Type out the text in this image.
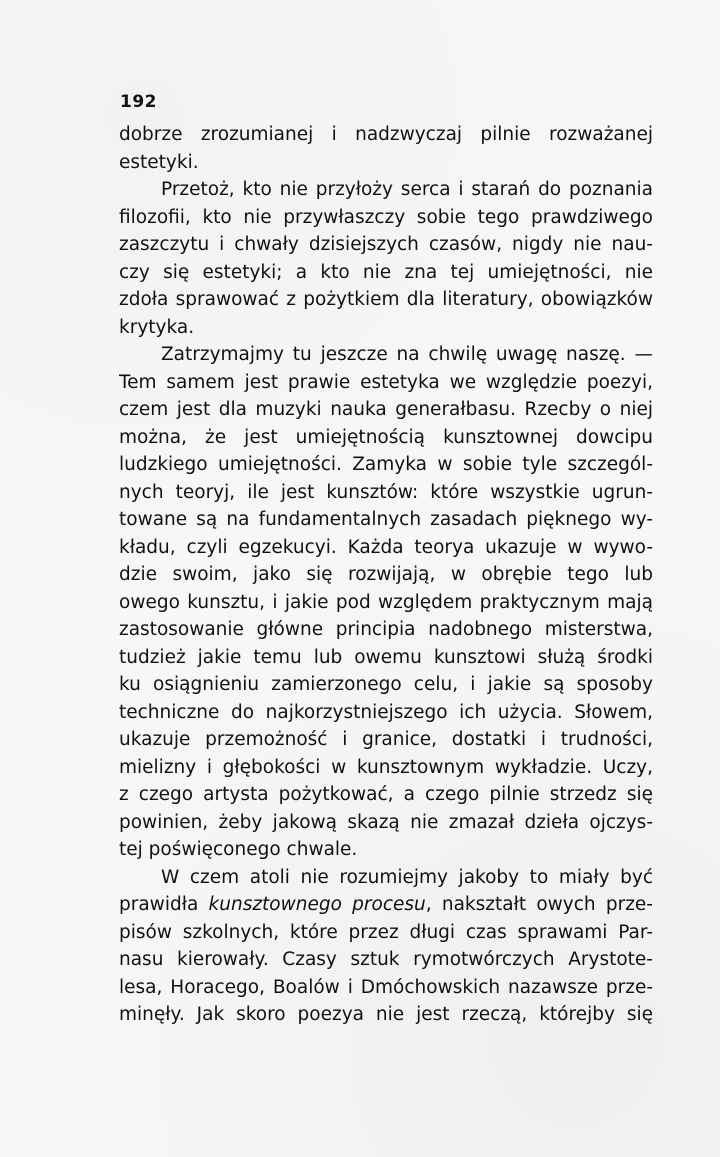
192
dobrze zrozumianej i nadzwyczaj pilnie rozważanej
estetyki.
Przetoż, kto nie przyłoży serca i starań do poznania
filozofii, kto nie przywłaszczy sobie tego prawdziwego
zaszczytu i chwały dzisiejszych czasów, nigdy nie nau-
czy się estetyki; a kto nie zna tej umiejętności, nie
zdoła sprawować z pożytkiem dla literatury, obowiązków
krytyka.
Zatrzymajmy tu jeszcze na chwilę uwagę naszę. —
Tem samem jest prawie estetyka we względzie poezyi,
czem jest dla muzyki nauka generałbasu. Rzecby o niej
można, że jest umiejętnością kunsztownej dowcipu
ludzkiego umiejętności. Zamyka w sobie tyle szczegól-
nych teoryj, ile jest kunsztów: które wszystkie ugrun-
towane są na fundamentalnych zasadach pięknego wy-
kładu, czyli egzekucyi. Każda teorya ukazuje w wywo-
dzie swoim, jako się rozwijają, w obrębie tego lub
owego kunsztu, i jakie pod względem praktycznym mają
zastosowanie główne principia nadobnego misterstwa,
tudzież jakie temu lub owemu kunsztowi służą środki
ku osiągnieniu zamierzonego celu, i jakie są sposoby
techniczne do najkorzystniejszego ich użycia. Słowem,
ukazuje przemożność i granice, dostatki i trudności,
mielizny i głębokości w kunsztownym wykładzie. Uczy,
z czego artysta pożytkować, a czego pilnie strzedz się
powinien, żeby jakową skazą nie zmazał dzieła ojczys-
tej poświęconego chwale.
W czem atoli nie rozumiejmy jakoby to miały być
prawidła kunsztownego procesu, nakształt owych prze-
pisów szkolnych, które przez długi czas sprawami Par-
nasu kierowały. Czasy sztuk rymotwórczych Arystote-
lesa, Horacego, Boalów i Dmóchowskich nazawsze prze-
minęły. Jak skoro poezya nie jest rzeczą, którejby się
